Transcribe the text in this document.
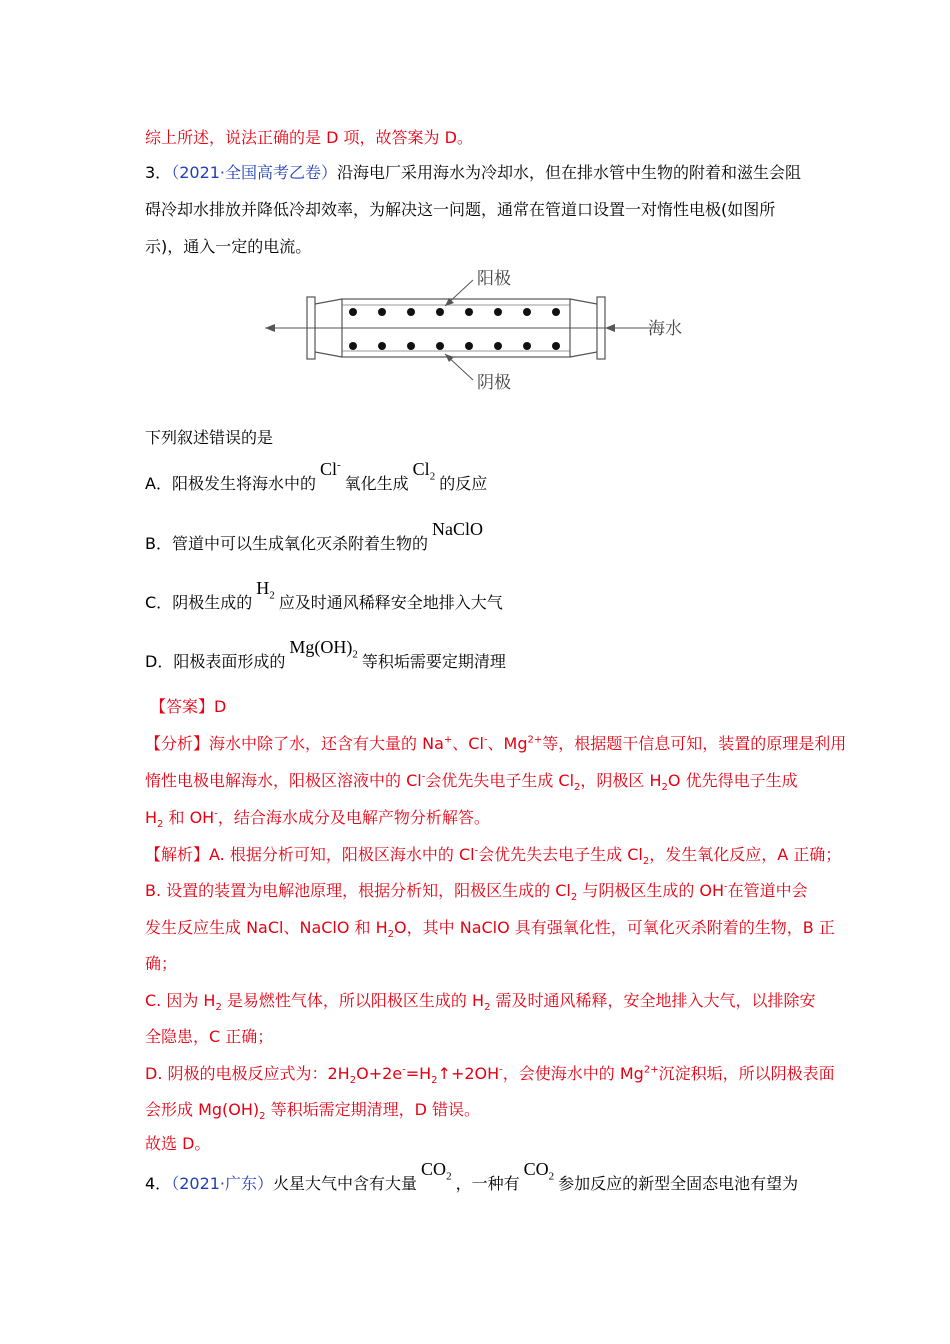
综上所述，说法正确的是 D 项，故答案为 D。
3．（2021·全国高考乙卷）沿海电厂采用海水为冷却水，但在排水管中生物的附着和滋生会阻
碍冷却水排放并降低冷却效率，为解决这一问题，通常在管道口设置一对惰性电极(如图所
示)，通入一定的电流。
阳极
阴极
海水
下列叙述错误的是
A．阳极发生将海水中的Cl-氧化生成$Cl_2$ 的反应
B．管道中可以生成氧化灭杀附着生物的NaClO
C．阴极生成的$H_2$ 应及时通风稀释安全地排入大气
D．阳极表面形成的$Mg(OH)_2$ 等积垢需要定期清理
【答案】D
【分析】海水中除了水，还含有大量的 Na+、Cl-、$Mg^{2+}$等，根据题干信息可知，装置的原理是利用
惰性电极电解海水，阳极区溶液中的 Cl-会优先失电子生成 $Cl_2$，阴极区 $H_2O$ 优先得电子生成
$H_2$ 和 OH-，结合海水成分及电解产物分析解答。
【解析】A. 根据分析可知，阳极区海水中的 Cl-会优先失去电子生成 $Cl_2$，发生氧化反应，A 正确；
B. 设置的装置为电解池原理，根据分析知，阳极区生成的 $Cl_2$ 与阴极区生成的 OH-在管道中会
发生反应生成 NaCl、NaClO 和 $H_2O$，其中 NaClO 具有强氧化性，可氧化灭杀附着的生物，B 正
确；
C. 因为 $H_2$ 是易燃性气体，所以阳极区生成的 $H_2$ 需及时通风稀释，安全地排入大气，以排除安
全隐患，C 正确；
D. 阴极的电极反应式为：$2H_2O+2e^-=H_2↑+2OH^-$，会使海水中的 $Mg^{2+}$沉淀积垢，所以阴极表面
会形成 $Mg(OH)_2$ 等积垢需定期清理，D 错误。
故选 D。
4．（2021·广东）火星大气中含有大量$CO_2$ ，一种有$CO_2$ 参加反应的新型全固态电池有望为
